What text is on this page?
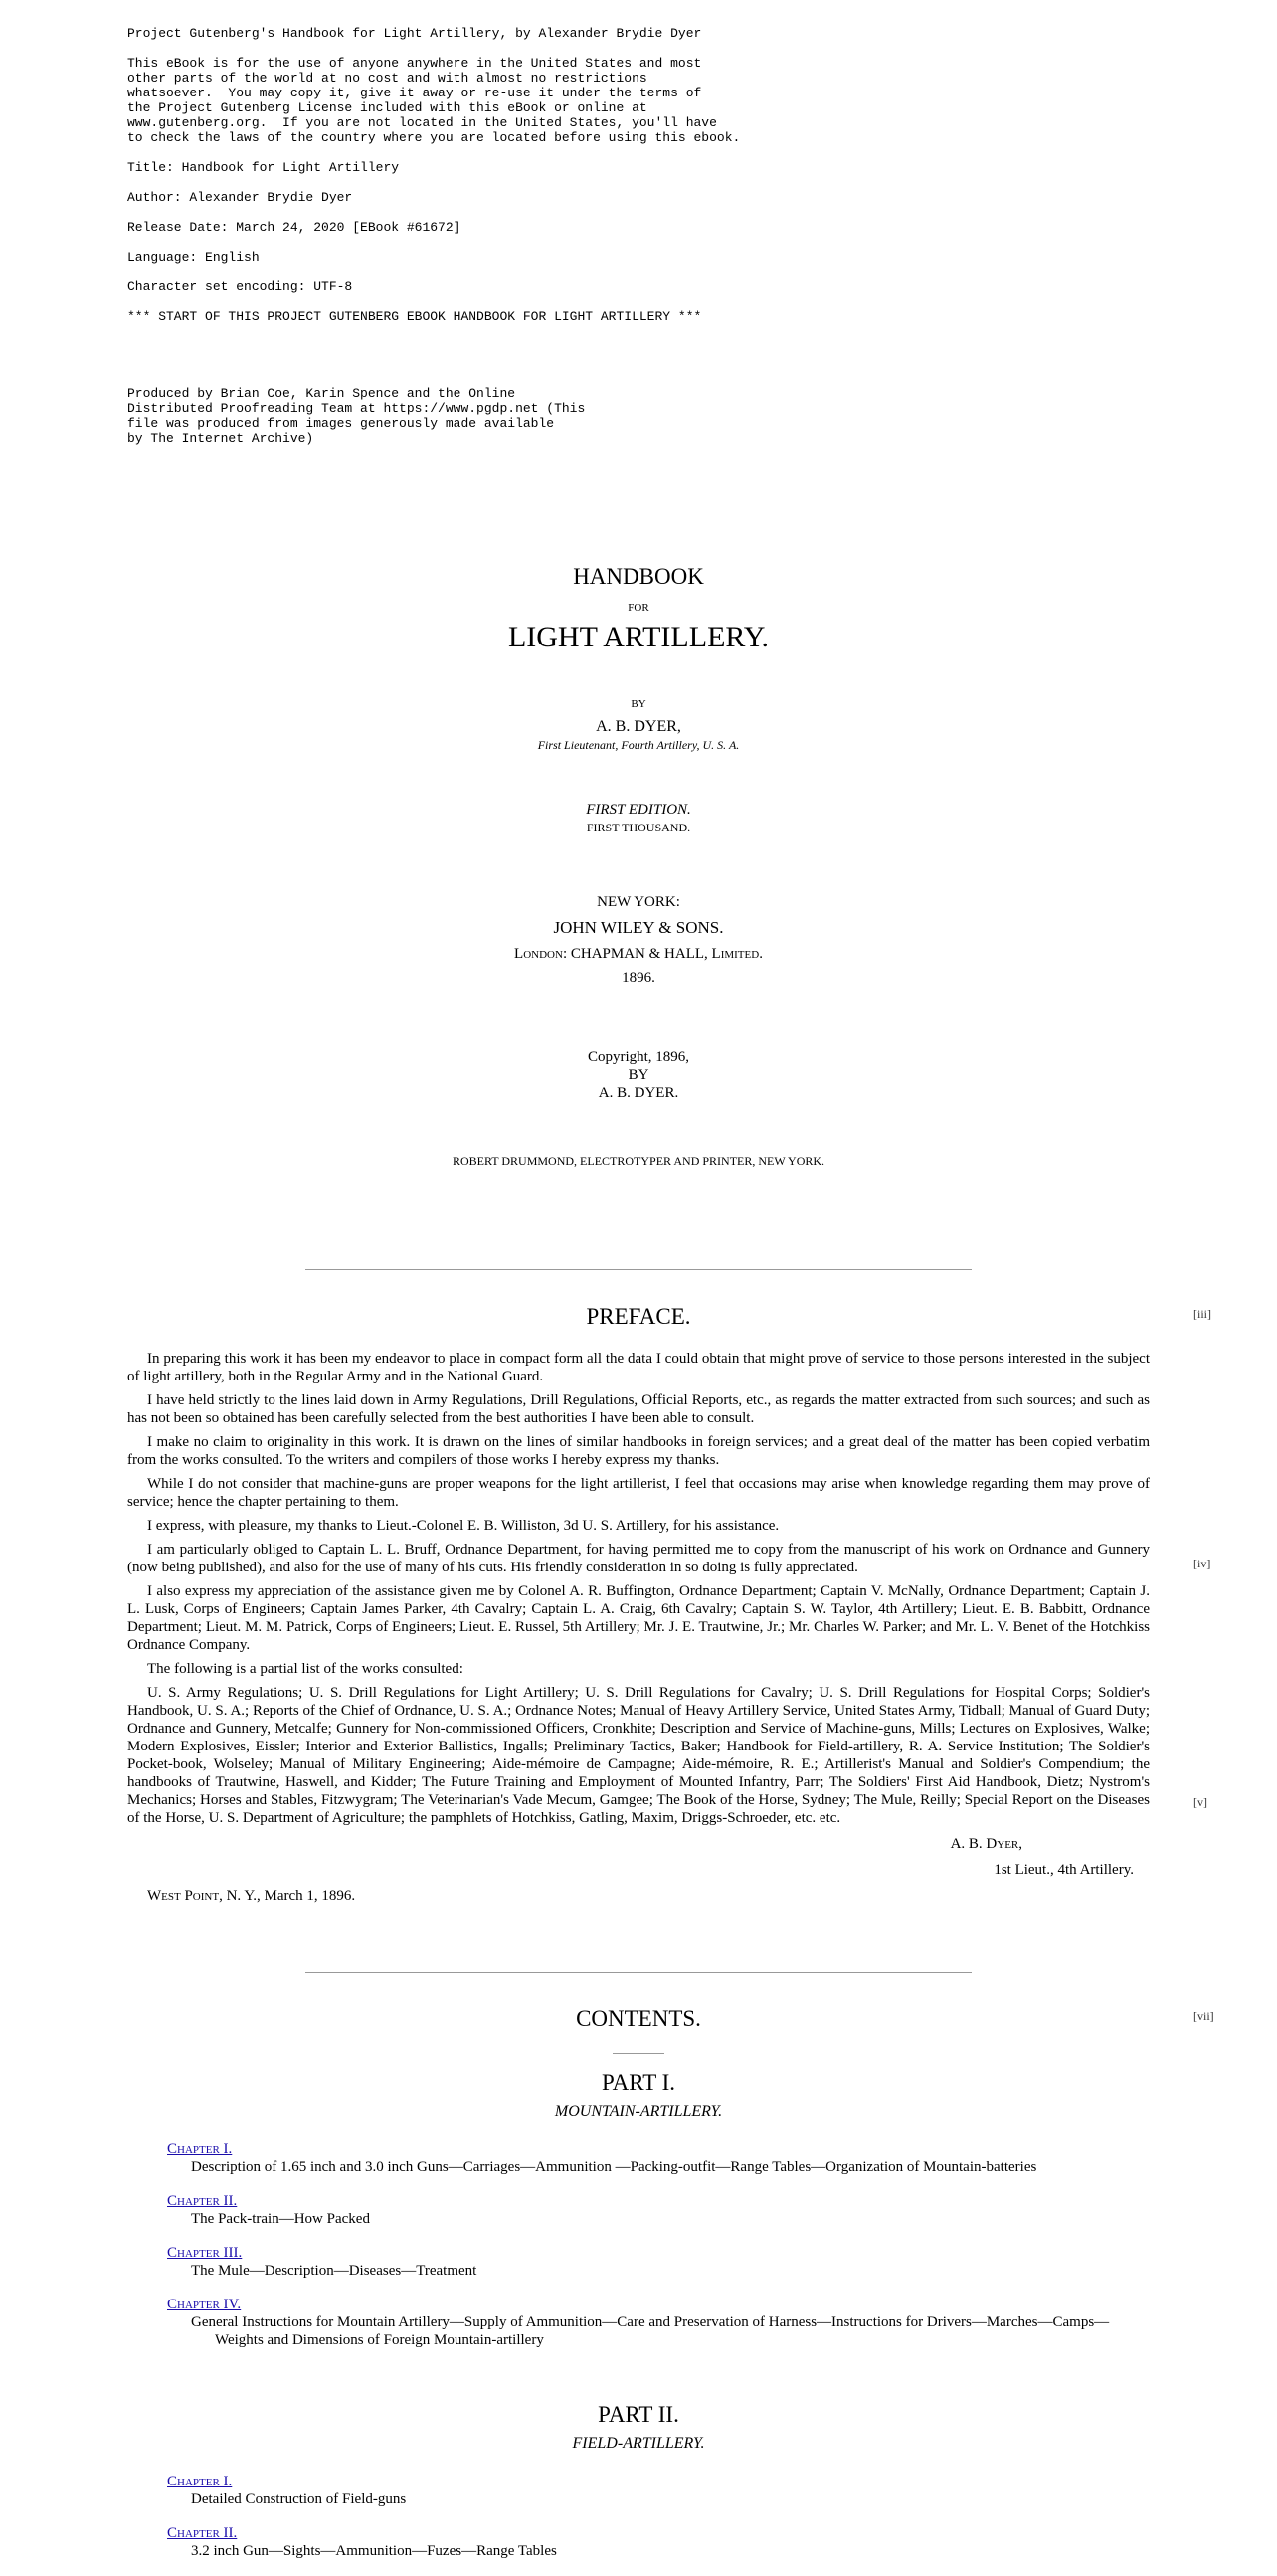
Project Gutenberg's Handbook for Light Artillery, by Alexander Brydie Dyer

This eBook is for the use of anyone anywhere in the United States and most
other parts of the world at no cost and with almost no restrictions
whatsoever.  You may copy it, give it away or re-use it under the terms of
the Project Gutenberg License included with this eBook or online at
www.gutenberg.org.  If you are not located in the United States, you'll have
to check the laws of the country where you are located before using this ebook.

Title: Handbook for Light Artillery

Author: Alexander Brydie Dyer

Release Date: March 24, 2020 [EBook #61672]

Language: English

Character set encoding: UTF-8

*** START OF THIS PROJECT GUTENBERG EBOOK HANDBOOK FOR LIGHT ARTILLERY ***
Produced by Brian Coe, Karin Spence and the Online
Distributed Proofreading Team at https://www.pgdp.net (This
file was produced from images generously made available
by The Internet Archive)
HANDBOOK
FOR
LIGHT ARTILLERY.
BY
A. B. DYER,
First Lieutenant, Fourth Artillery, U. S. A.
FIRST EDITION.
FIRST THOUSAND.
NEW YORK:
JOHN WILEY & SONS.
London: CHAPMAN & HALL, Limited.
1896.
Copyright, 1896,
BY
A. B. DYER.
ROBERT DRUMMOND, ELECTROTYPER AND PRINTER, NEW YORK.
PREFACE.

In preparing this work it has been my endeavor to place in compact form all the data I could obtain that might prove of service to those persons interested in the subject of light artillery, both in the Regular Army and in the National Guard.

I have held strictly to the lines laid down in Army Regulations, Drill Regulations, Official Reports, etc., as regards the matter extracted from such sources; and such as has not been so obtained has been carefully selected from the best authorities I have been able to consult.

I make no claim to originality in this work. It is drawn on the lines of similar handbooks in foreign services; and a great deal of the matter has been copied verbatim from the works consulted. To the writers and compilers of those works I hereby express my thanks.

While I do not consider that machine-guns are proper weapons for the light artillerist, I feel that occasions may arise when knowledge regarding them may prove of service; hence the chapter pertaining to them.

I express, with pleasure, my thanks to Lieut.-Colonel E. B. Williston, 3d U. S. Artillery, for his assistance.

I am particularly obliged to Captain L. L. Bruff, Ordnance Department, for having permitted me to copy from the manuscript of his work on Ordnance and Gunnery (now being published), and also for the use of many of his cuts. His friendly consideration in so doing is fully appreciated.

I also express my appreciation of the assistance given me by Colonel A. R. Buffington, Ordnance Department; Captain V. McNally, Ordnance Department; Captain J. L. Lusk, Corps of Engineers; Captain James Parker, 4th Cavalry; Captain L. A. Craig, 6th Cavalry; Captain S. W. Taylor, 4th Artillery; Lieut. E. B. Babbitt, Ordnance Department; Lieut. M. M. Patrick, Corps of Engineers; Lieut. E. Russel, 5th Artillery; Mr. J. E. Trautwine, Jr.; Mr. Charles W. Parker; and Mr. L. V. Benet of the Hotchkiss Ordnance Company.

The following is a partial list of the works consulted:

U. S. Army Regulations; U. S. Drill Regulations for Light Artillery; U. S. Drill Regulations for Cavalry; U. S. Drill Regulations for Hospital Corps; Soldier's Handbook, U. S. A.; Reports of the Chief of Ordnance, U. S. A.; Ordnance Notes; Manual of Heavy Artillery Service, United States Army, Tidball; Manual of Guard Duty; Ordnance and Gunnery, Metcalfe; Gunnery for Non-commissioned Officers, Cronkhite; Description and Service of Machine-guns, Mills; Lectures on Explosives, Walke; Modern Explosives, Eissler; Interior and Exterior Ballistics, Ingalls; Preliminary Tactics, Baker; Handbook for Field-artillery, R. A. Service Institution; The Soldier's Pocket-book, Wolseley; Manual of Military Engineering; Aide-mémoire de Campagne; Aide-mémoire, R. E.; Artillerist's Manual and Soldier's Compendium; the handbooks of Trautwine, Haswell, and Kidder; The Future Training and Employment of Mounted Infantry, Parr; The Soldiers' First Aid Handbook, Dietz; Nystrom's Mechanics; Horses and Stables, Fitzwygram; The Veterinarian's Vade Mecum, Gamgee; The Book of the Horse, Sydney; The Mule, Reilly; Special Report on the Diseases of the Horse, U. S. Department of Agriculture; the pamphlets of Hotchkiss, Gatling, Maxim, Driggs-Schroeder, etc. etc.

A. B. Dyer,
1st Lieut., 4th Artillery.
West Point, N. Y., March 1, 1896.
CONTENTS.
PART I.
MOUNTAIN-ARTILLERY.
Chapter I.
Description of 1.65 inch and 3.0 inch Guns—Carriages—Ammunition —Packing-outfit—Range Tables—Organization of Mountain-batteries
Chapter II.
The Pack-train—How Packed
Chapter III.
The Mule—Description—Diseases—Treatment
Chapter IV.
General Instructions for Mountain Artillery—Supply of Ammunition—Care and Preservation of Harness—Instructions for Drivers—Marches—Camps—Weights and Dimensions of Foreign Mountain-artillery
PART II.
FIELD-ARTILLERY.
Chapter I.
Detailed Construction of Field-guns
Chapter II.
3.2 inch Gun—Sights—Ammunition—Fuzes—Range Tables
[iii]
[iv]
[v]
[vii]
